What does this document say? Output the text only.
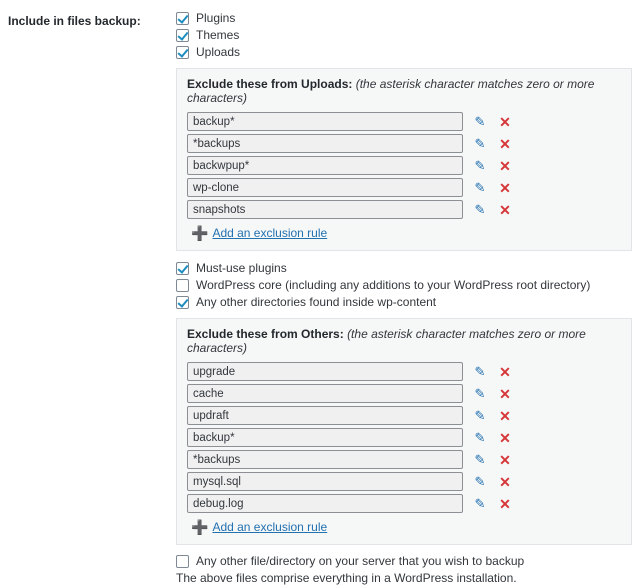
Include in files backup:	Plugins
Themes
Uploads
Exclude these from Uploads: (the asterisk character matches zero or more characters)
backup*
✎ ✕
*backups
✎ ✕
backwpup*
✎ ✕
wp-clone
✎ ✕
snapshots
✎ ✕
➕ Add an exclusion rule
Must-use plugins
WordPress core (including any additions to your WordPress root directory)
Any other directories found inside wp-content
Exclude these from Others: (the asterisk character matches zero or more characters)
upgrade
✎ ✕
cache
✎ ✕
updraft
✎ ✕
backup*
✎ ✕
*backups
✎ ✕
mysql.sql
✎ ✕
debug.log
✎ ✕
➕ Add an exclusion rule
Any other file/directory on your server that you wish to backup
The above files comprise everything in a WordPress installation.
